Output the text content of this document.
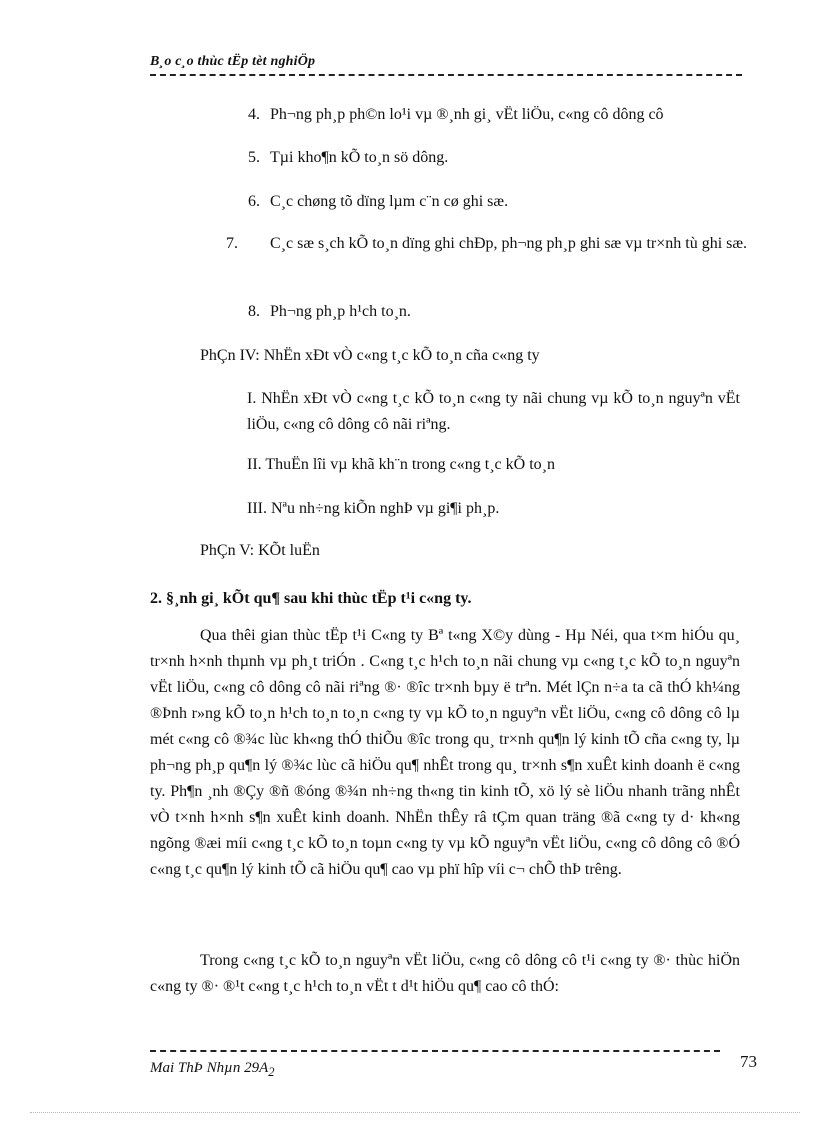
B¸o c¸o thùc tËp tèt nghiÖp
4. Ph¬ng ph¸p ph©n lo¹i vµ ®¸nh gi¸ vËt liÖu, c«ng cô dông cô
5. Tµi kho¶n kÕ to¸n sö dông.
6. C¸c chøng tõ dïng lµm c¨n cø ghi sæ.
7. C¸c sæ s¸ch kÕ to¸n dïng ghi chÐp, ph¬ng ph¸p ghi sæ vµ tr×nh tù ghi sæ.
8. Ph¬ng ph¸p h¹ch to¸n.
PhÇn IV: NhËn xÐt vÒ c«ng t¸c kÕ to¸n cña c«ng ty
I. NhËn xÐt vÒ c«ng t¸c kÕ to¸n c«ng ty nãi chung vµ kÕ to¸n nguyªn vËt liÖu, c«ng cô dông cô nãi riªng.
II. ThuËn lîi vµ khã kh¨n trong c«ng t¸c kÕ to¸n
III. Nªu nh÷ng kiÕn nghÞ vµ gi¶i ph¸p.
PhÇn V: KÕt luËn
2. §¸nh gi¸ kÕt qu¶ sau khi thùc tËp t¹i c«ng ty.
Qua thêi gian thùc tËp t¹i C«ng ty Bª t«ng X©y dùng - Hµ Néi, qua t×m hiÓu qu¸ tr×nh h×nh thµnh vµ ph¸t triÓn . C«ng t¸c h¹ch to¸n nãi chung vµ c«ng t¸c kÕ to¸n nguyªn vËt liÖu, c«ng cô dông cô nãi riªng ®· ®îc tr×nh bµy ë trªn. Mét lÇn n÷a ta cã thÓ kh¼ng ®Þnh r»ng kÕ to¸n h¹ch to¸n to¸n c«ng ty vµ kÕ to¸n nguyªn vËt liÖu, c«ng cô dông cô lµ mét c«ng cô ®¾c lùc kh«ng thÓ thiÕu ®îc trong qu¸ tr×nh qu¶n lý kinh tÕ cña c«ng ty, lµ ph¬ng ph¸p qu¶n lý ®¾c lùc cã hiÖu qu¶ nhÊt trong qu¸ tr×nh s¶n xuÊt kinh doanh ë c«ng ty. Ph¶n ¸nh ®Çy ®ñ ®óng ®¾n nh÷ng th«ng tin kinh tÕ, xö lý sè liÖu nhanh trãng nhÊt vÒ t×nh h×nh s¶n xuÊt kinh doanh. NhËn thÊy râ tÇm quan träng ®ã c«ng ty d· kh«ng ngõng ®æi míi c«ng t¸c kÕ to¸n toµn c«ng ty vµ kÕ nguyªn vËt liÖu, c«ng cô dông cô ®Ó c«ng t¸c qu¶n lý kinh tÕ cã hiÖu qu¶ cao vµ phï hîp víi c¬ chÕ thÞ trêng.
Trong c«ng t¸c kÕ to¸n nguyªn vËt liÖu, c«ng cô dông cô t¹i c«ng ty ®· thùc hiÖn c«ng ty ®· ®¹t c«ng t¸c h¹ch to¸n vËt t d¹t hiÖu qu¶ cao cô thÓ:
Mai ThÞ Nhµn $29A_2$
73
